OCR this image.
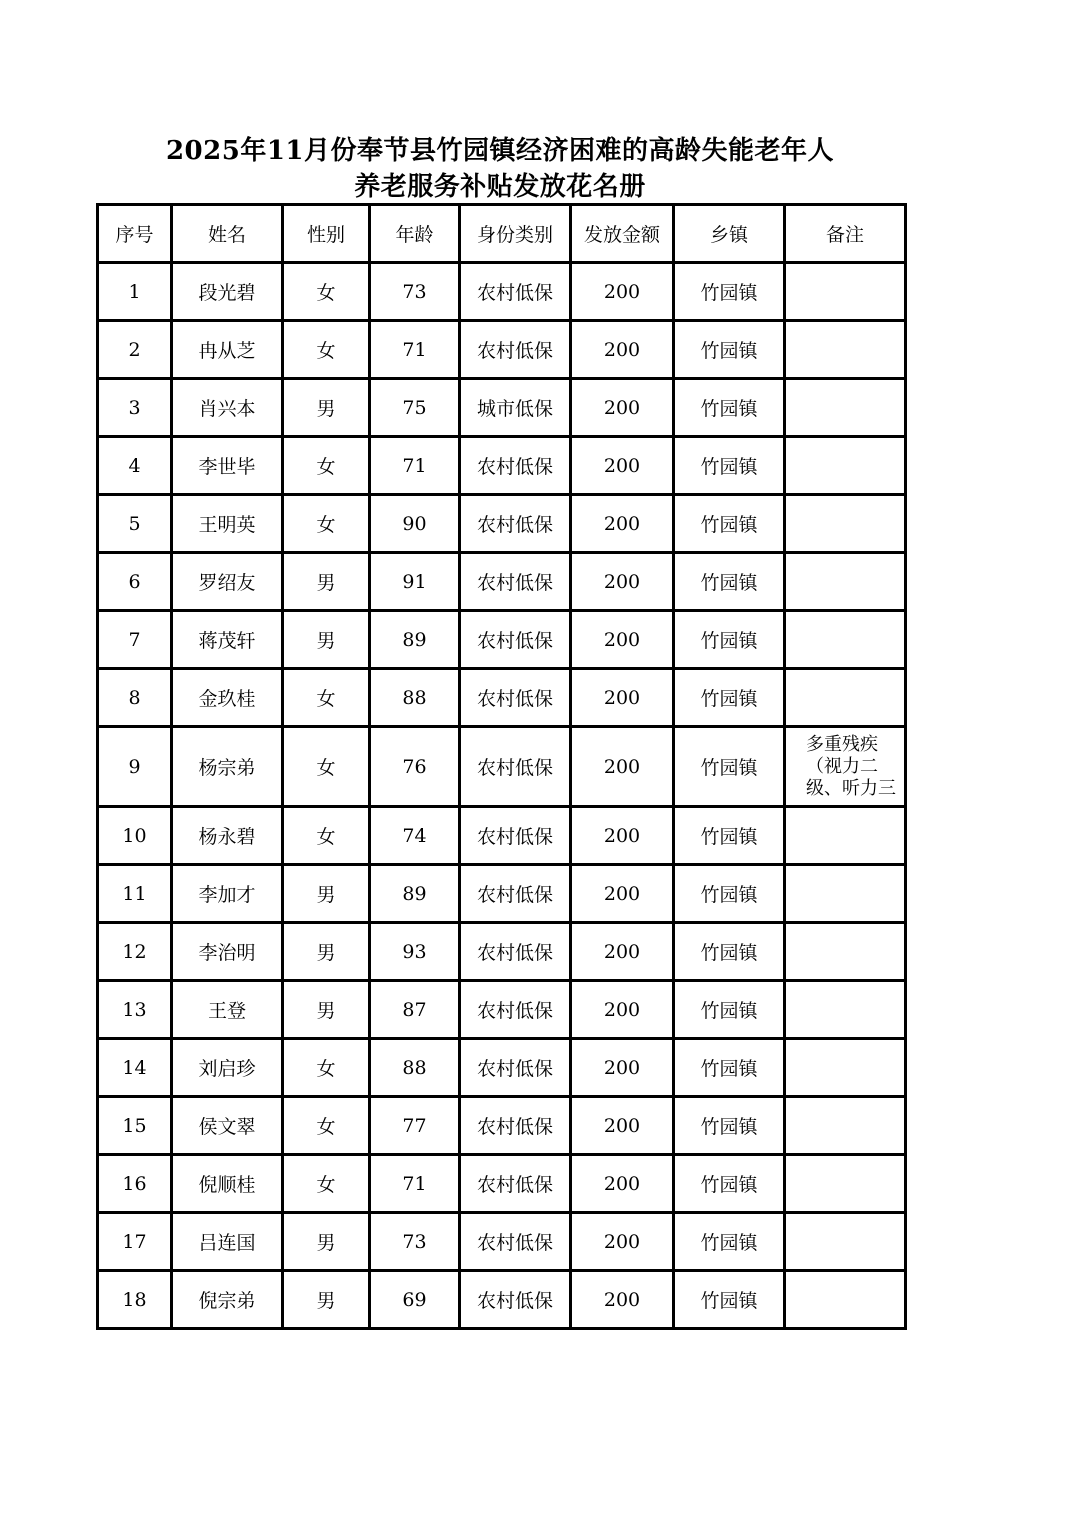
2025年11月份奉节县竹园镇经济困难的高龄失能老年人
养老服务补贴发放花名册
序号	姓名	性别	年龄	身份类别	发放金额	乡镇	备注
1	段光碧	女	73	农村低保	200	竹园镇	

2	冉从芝	女	71	农村低保	200	竹园镇	

3	肖兴本	男	75	城市低保	200	竹园镇	

4	李世毕	女	71	农村低保	200	竹园镇	

5	王明英	女	90	农村低保	200	竹园镇	

6	罗绍友	男	91	农村低保	200	竹园镇	

7	蒋茂轩	男	89	农村低保	200	竹园镇	

8	金玖桂	女	88	农村低保	200	竹园镇	

9	杨宗弟	女	76	农村低保	200	竹园镇	多重残疾（视力二级、听力三

10	杨永碧	女	74	农村低保	200	竹园镇	

11	李加才	男	89	农村低保	200	竹园镇	

12	李治明	男	93	农村低保	200	竹园镇	

13	王登	男	87	农村低保	200	竹园镇	

14	刘启珍	女	88	农村低保	200	竹园镇	

15	侯文翠	女	77	农村低保	200	竹园镇	

16	倪顺桂	女	71	农村低保	200	竹园镇	

17	吕连国	男	73	农村低保	200	竹园镇	

18	倪宗弟	男	69	农村低保	200	竹园镇	
